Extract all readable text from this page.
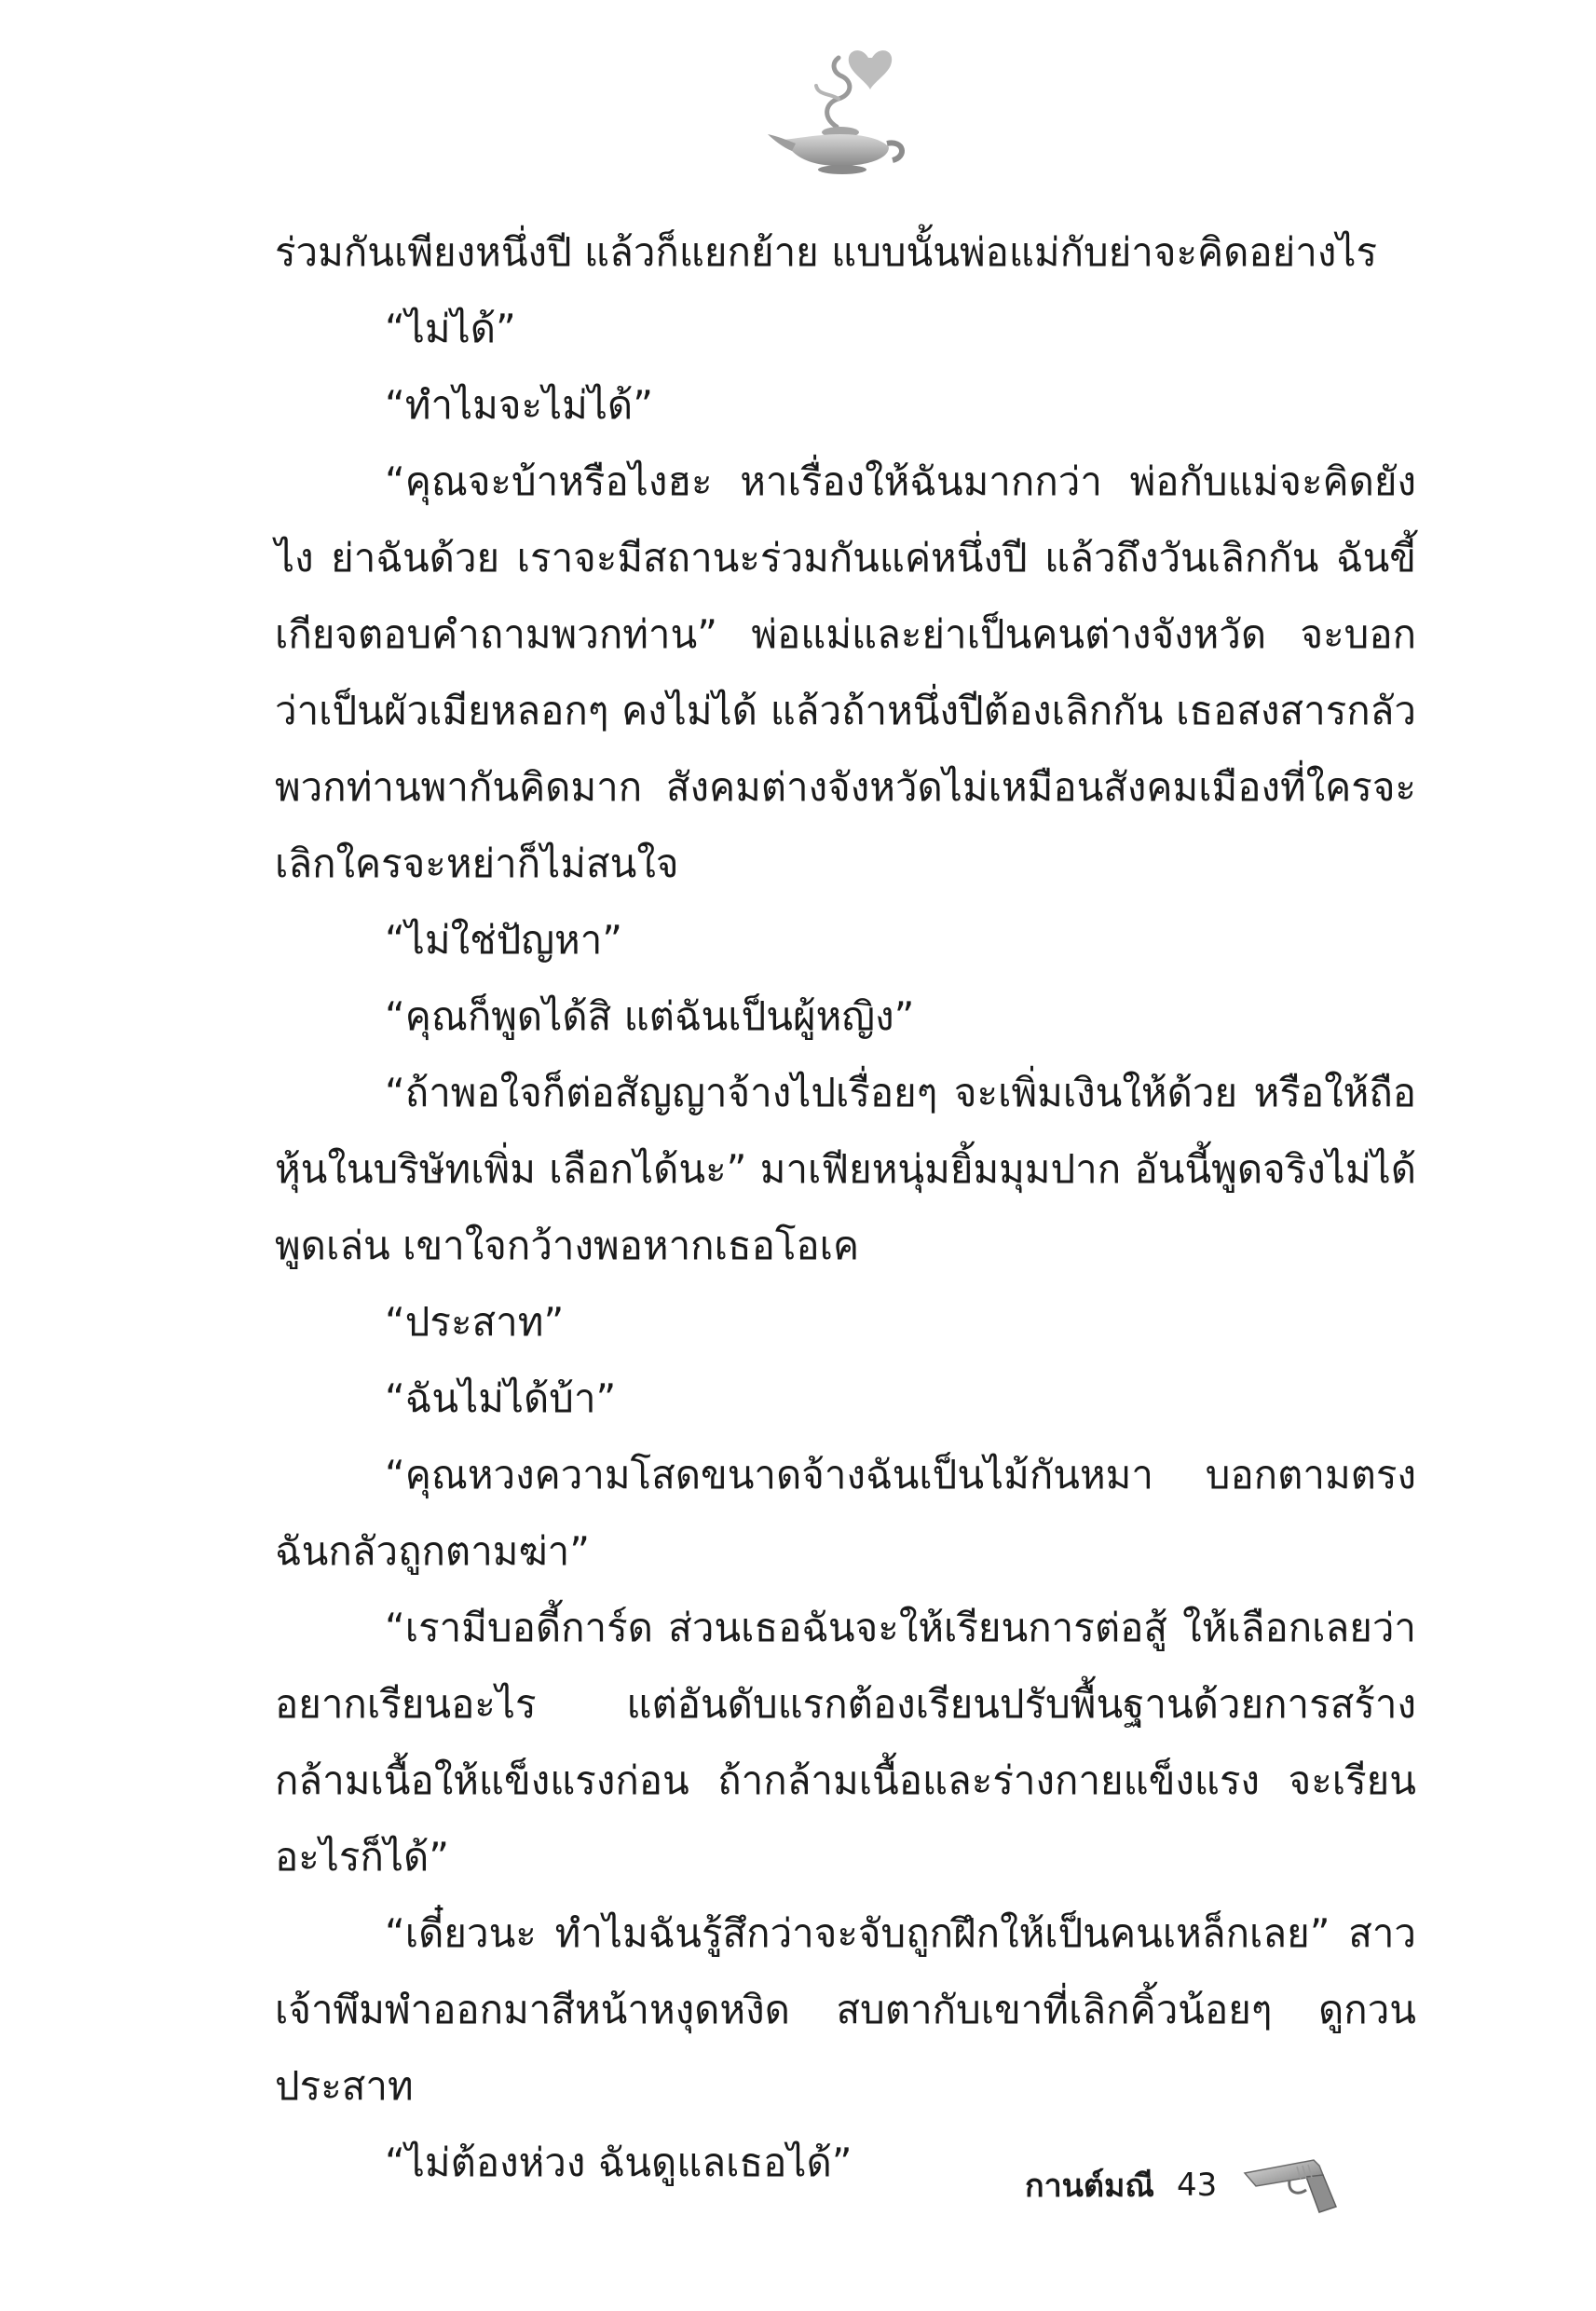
ร่วมกันเพียงหนึ่งปี แล้วก็แยกย้าย แบบนั้นพ่อแม่กับย่าจะคิดอย่างไร

“ไม่ได้”

“ทำไมจะไม่ได้”

“คุณจะบ้าหรือไงฮะ หาเรื่องให้ฉันมากกว่า พ่อกับแม่จะคิดยังไง ย่าฉันด้วย เราจะมีสถานะร่วมกันแค่หนึ่งปี แล้วถึงวันเลิกกัน ฉันขี้เกียจตอบคำถามพวกท่าน” พ่อแม่และย่าเป็นคนต่างจังหวัด จะบอกว่าเป็นผัวเมียหลอกๆ คงไม่ได้ แล้วถ้าหนึ่งปีต้องเลิกกัน เธอสงสารกลัวพวกท่านพากันคิดมาก สังคมต่างจังหวัดไม่เหมือนสังคมเมืองที่ใครจะเลิกใครจะหย่าก็ไม่สนใจ

“ไม่ใช่ปัญหา”

“คุณก็พูดได้สิ แต่ฉันเป็นผู้หญิง”

“ถ้าพอใจก็ต่อสัญญาจ้างไปเรื่อยๆ จะเพิ่มเงินให้ด้วย หรือให้ถือหุ้นในบริษัทเพิ่ม เลือกได้นะ” มาเฟียหนุ่มยิ้มมุมปาก อันนี้พูดจริงไม่ได้พูดเล่น เขาใจกว้างพอหากเธอโอเค

“ประสาท”

“ฉันไม่ได้บ้า”

“คุณหวงความโสดขนาดจ้างฉันเป็นไม้กันหมา บอกตามตรงฉันกลัวถูกตามฆ่า”

“เรามีบอดี้การ์ด ส่วนเธอฉันจะให้เรียนการต่อสู้ ให้เลือกเลยว่าอยากเรียนอะไร แต่อันดับแรกต้องเรียนปรับพื้นฐานด้วยการสร้างกล้ามเนื้อให้แข็งแรงก่อน ถ้ากล้ามเนื้อและร่างกายแข็งแรง จะเรียนอะไรก็ได้”

“เดี๋ยวนะ ทำไมฉันรู้สึกว่าจะจับถูกฝึกให้เป็นคนเหล็กเลย” สาวเจ้าพึมพำออกมาสีหน้าหงุดหงิด สบตากับเขาที่เลิกคิ้วน้อยๆ ดูกวนประสาท

“ไม่ต้องห่วง ฉันดูแลเธอได้”

กานต์มณี 43
